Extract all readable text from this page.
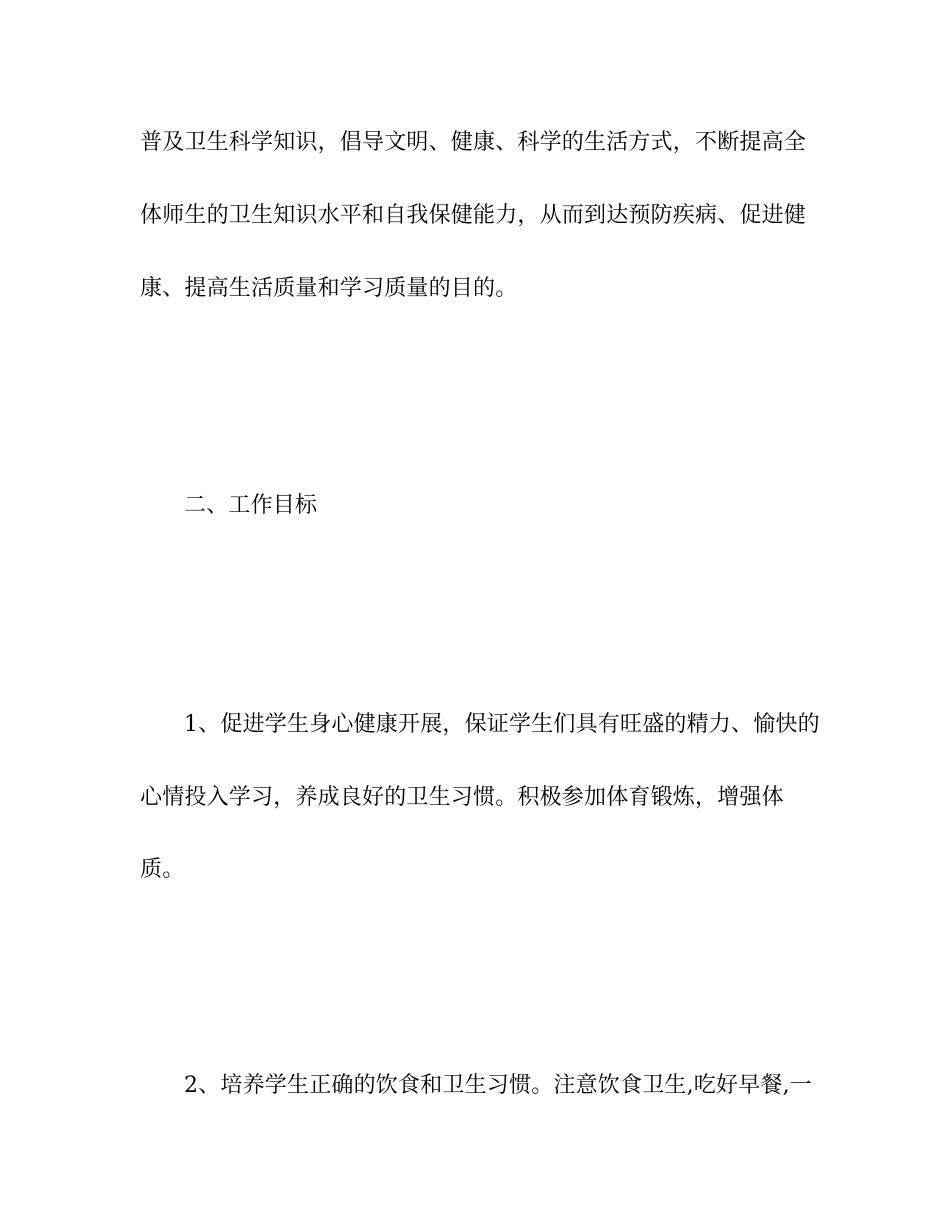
普及卫生科学知识，倡导文明、健康、科学的生活方式，不断提高全
体师生的卫生知识水平和自我保健能力，从而到达预防疾病、促进健
康、提高生活质量和学习质量的目的。
二、工作目标
1、促进学生身心健康开展，保证学生们具有旺盛的精力、愉快的
心情投入学习，养成良好的卫生习惯。积极参加体育锻炼，增强体
质。
2、培养学生正确的饮食和卫生习惯。注意饮食卫生,吃好早餐,一
